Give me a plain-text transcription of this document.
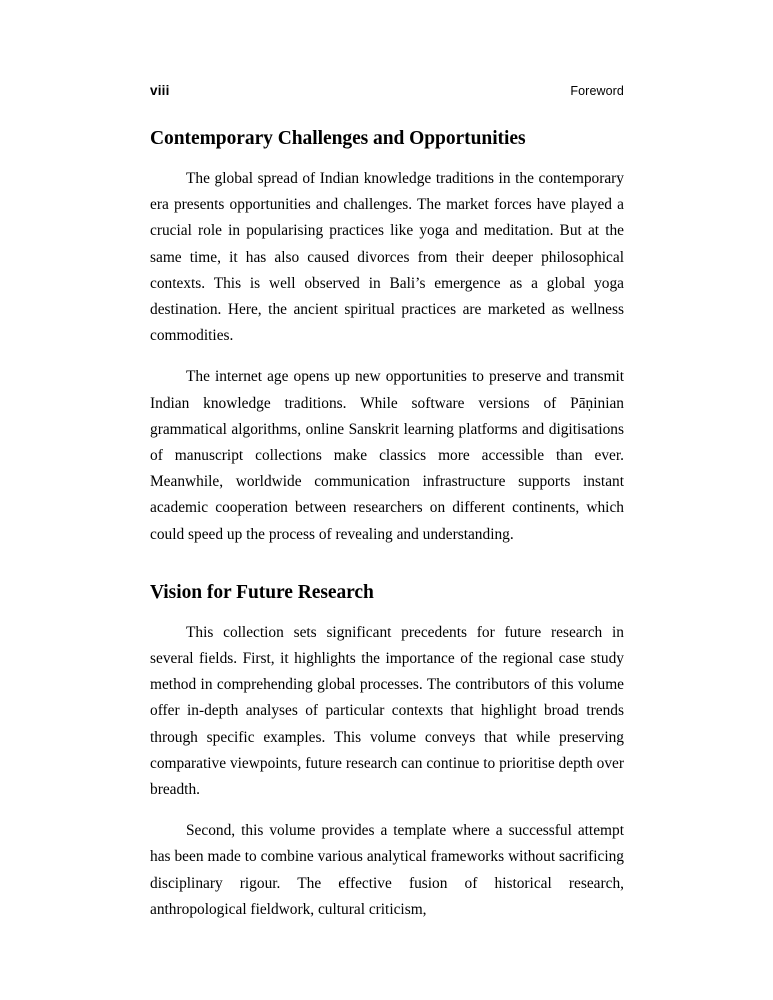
viii	Foreword
Contemporary Challenges and Opportunities

The global spread of Indian knowledge traditions in the contemporary era presents opportunities and challenges. The market forces have played a crucial role in popularising practices like yoga and meditation. But at the same time, it has also caused divorces from their deeper philosophical contexts. This is well observed in Bali’s emergence as a global yoga destination. Here, the ancient spiritual practices are marketed as wellness commodities.

The internet age opens up new opportunities to preserve and transmit Indian knowledge traditions. While software versions of Pāṇinian grammatical algorithms, online Sanskrit learning platforms and digitisations of manuscript collections make classics more accessible than ever. Meanwhile, worldwide communication infrastructure supports instant academic cooperation between researchers on different continents, which could speed up the process of revealing and understanding.

Vision for Future Research

This collection sets significant precedents for future research in several fields. First, it highlights the importance of the regional case study method in comprehending global processes. The contributors of this volume offer in-depth analyses of particular contexts that highlight broad trends through specific examples. This volume conveys that while preserving comparative viewpoints, future research can continue to prioritise depth over breadth.

Second, this volume provides a template where a successful attempt has been made to combine various analytical frameworks without sacrificing disciplinary rigour. The effective fusion of historical research, anthropological fieldwork, cultural criticism,
